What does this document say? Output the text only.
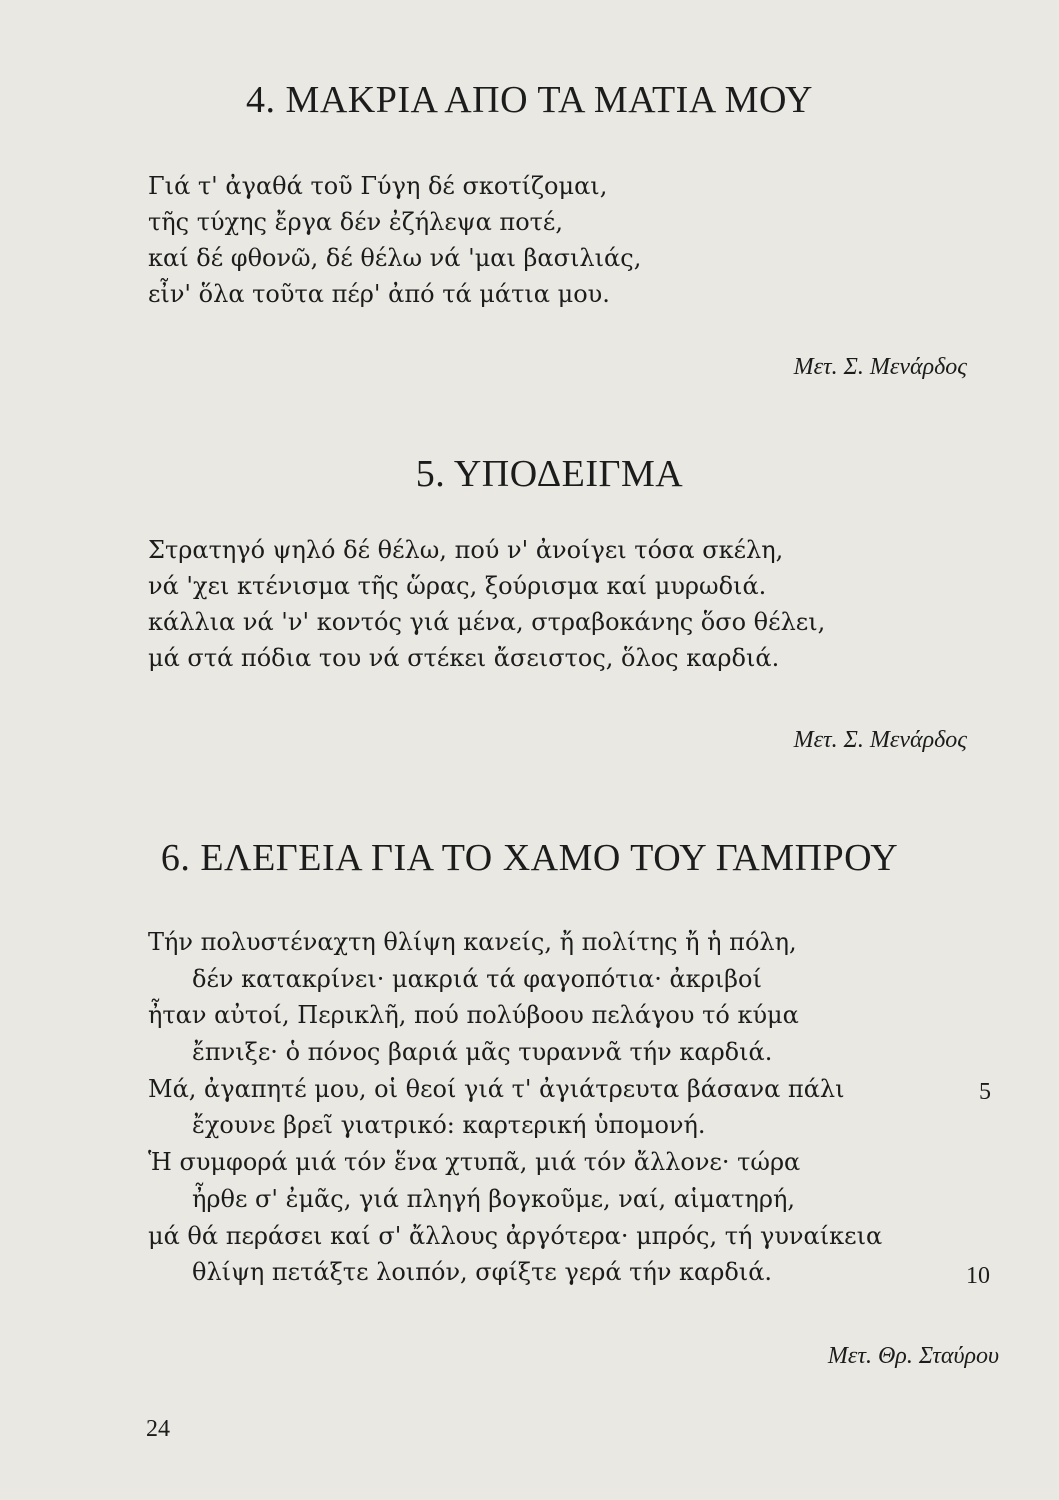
4. ΜΑΚΡΙΑ ΑΠΟ ΤΑ ΜΑΤΙΑ ΜΟΥ

Γιά τ' ἀγαθά τοῦ Γύγη δέ σκοτίζομαι,

τῆς τύχης ἔργα δέν ἐζήλεψα ποτέ,

καί δέ φθονῶ, δέ θέλω νά 'μαι βασιλιάς,

εἶν' ὅλα τοῦτα πέρ' ἀπό τά μάτια μου.

Μετ. Σ. Μενάρδος
5. ΥΠΟΔΕΙΓΜΑ

Στρατηγό ψηλό δέ θέλω, πού ν' ἀνοίγει τόσα σκέλη,

νά 'χει κτένισμα τῆς ὥρας, ξούρισμα καί μυρωδιά.

κάλλια νά 'ν' κοντός γιά μένα, στραβοκάνης ὅσο θέλει,

μά στά πόδια του νά στέκει ἄσειστος, ὅλος καρδιά.

Μετ. Σ. Μενάρδος
6. ΕΛΕΓΕΙΑ ΓΙΑ ΤΟ ΧΑΜΟ ΤΟΥ ΓΑΜΠΡΟΥ

Τήν πολυστέναχτη θλίψη κανείς, ἤ πολίτης ἤ ἡ πόλη,

δέν κατακρίνει· μακριά τά φαγοπότια· ἀκριβοί

ἦταν αὐτοί, Περικλῆ, πού πολύβοου πελάγου τό κύμα

ἔπνιξε· ὁ πόνος βαριά μᾶς τυραννᾶ τήν καρδιά.

Μά, ἀγαπητέ μου, οἱ θεοί γιά τ' ἀγιάτρευτα βάσανα πάλι

ἔχουνε βρεῖ γιατρικό: καρτερική ὑπομονή.

Ἡ συμφορά μιά τόν ἕνα χτυπᾶ, μιά τόν ἄλλονε· τώρα

ἦρθε σ' ἐμᾶς, γιά πληγή βογκοῦμε, ναί, αἱματηρή,

μά θά περάσει καί σ' ἄλλους ἀργότερα· μπρός, τή γυναίκεια

θλίψη πετάξτε λοιπόν, σφίξτε γερά τήν καρδιά.

5
10
Μετ. Θρ. Σταύρου
24
